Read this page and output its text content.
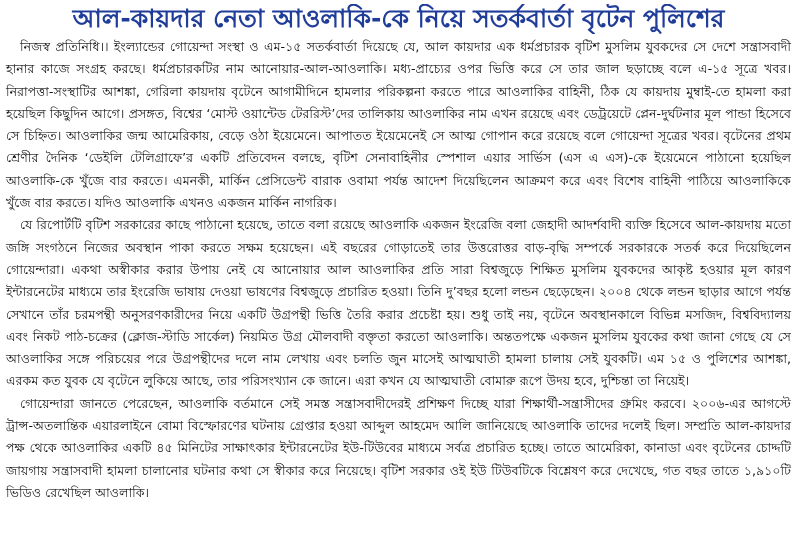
আল-কায়দার নেতা আওলাকি-কে নিয়ে সতর্কবার্তা বৃটেন পুলিশের

নিজস্ব প্রতিনিধি।। ইংল্যান্ডের গোয়েন্দা সংস্থা ও এম-১৫ সতর্কবার্তা দিয়েছে যে, আল কায়দার এক ধর্মপ্রচারক বৃটিশ মুসলিম যুবকদের সে দেশে সন্ত্রাসবাদী হানার কাজে সংগ্রহ করছে। ধর্মপ্রচারকটির নাম আনোয়ার-আল-আওলাকি। মধ্য-প্রাচ্যের ওপর ভিত্তি করে সে তার জাল ছড়াচ্ছে বলে এ-১৫ সূত্রে খবর। নিরাপত্তা-সংস্থাটির আশঙ্কা, গেরিলা কায়দায় বৃটেনে আগামীদিনে হামলার পরিকল্পনা করতে পারে আওলাকির বাহিনী, ঠিক যে কায়দায় মুম্বাই-তে হামলা করা হয়েছিল কিছুদিন আগে। প্রসঙ্গত, বিশ্বের ‘মোস্ট ওয়ান্টেড টেররিস্ট’দের তালিকায় আওলাকির নাম এখন রয়েছে এবং ডেট্রয়েটে প্লেন-দুর্ঘটনার মূল পান্ডা হিসেবে সে চিহ্নিত। আওলাকির জন্ম আমেরিকায়, বেড়ে ওঠা ইয়েমেনে। আপাতত ইয়েমেনেই সে আত্ম গোপান করে রয়েছে বলে গোয়েন্দা সূত্রের খবর। বৃটেনের প্রথম শ্রেণীর দৈনিক ‘ডেইলি টেলিগ্রাফে’র একটি প্রতিবেদন বলছে, বৃটিশ সেনাবাহিনীর স্পেশাল এয়ার সার্ভিস (এস এ এস)-কে ইয়েমেনে পাঠানো হয়েছিল আওলাকি-কে খুঁজে বার করতে। এমনকী, মার্কিন প্রেসিডেন্ট বারাক ওবামা পর্যন্ত আদেশ দিয়েছিলেন আক্রমণ করে এবং বিশেষ বাহিনী পাঠিয়ে আওলাকিকে খুঁজে বার করতে। যদিও আওলাকি এখনও একজন মার্কিন নাগরিক।

যে রিপোর্টটি বৃটিশ সরকারের কাছে পাঠানো হয়েছে, তাতে বলা রয়েছে আওলাকি একজন ইংরেজি বলা জেহাদী আদর্শবাদী ব্যক্তি হিসেবে আল-কায়দায় মতো জঙ্গি সংগঠনে নিজের অবস্থান পাকা করতে সক্ষম হয়েছেন। এই বছরের গোড়াতেই তার উত্তরোত্তর বাড়-বৃদ্ধি সম্পর্কে সরকারকে সতর্ক করে দিয়েছিলেন গোয়েন্দারা। একথা অস্বীকার করার উপায় নেই যে আনোয়ার আল আওলাকির প্রতি সারা বিশ্বজুড়ে শিক্ষিত মুসলিম যুবকদের আকৃষ্ট হওয়ার মূল কারণ ইন্টারনেটের মাধ্যমে তার ইংরেজি ভাষায় দেওয়া ভাষণের বিশ্বজুড়ে প্রচারিত হওয়া। তিনি দু’বছর হলো লন্ডন ছেড়েছেন। ২০০৪ থেকে লন্ডন ছাড়ার আগে পর্যন্ত সেখানে তাঁর চরমপন্থী অনুসরণকারীদের নিয়ে একটি উগ্রপন্থী ভিত্তি তৈরি করার প্রচেষ্টা হয়। শুধু তাই নয়, বৃটেনে অবস্থানকালে বিভিন্ন মসজিদ, বিশ্ববিদ্যালয় এবং নিকট পাঠ-চক্রের (ক্লোজ-স্টাডি সার্কেল) নিয়মিত উগ্র মৌলবাদী বক্তৃতা করতো আওলাকি। অন্ততপক্ষে একজন মুসলিম যুবকের কথা জানা গেছে যে সে আওলাকির সঙ্গে পরিচয়ের পরে উগ্রপন্থীদের দলে নাম লেখায় এবং চলতি জুন মাসেই আত্মঘাতী হামলা চালায় সেই যুবকটি। এম ১৫ ও পুলিশের আশঙ্কা, এরকম কত যুবক যে বৃটেনে লুকিয়ে আছে, তার পরিসংখ্যান কে জানে। এরা কখন যে আত্মঘাতী বোমারু রূপে উদয় হবে, দুশ্চিন্তা তা নিয়েই।

গোয়েন্দারা জানতে পেরেছেন, আওলাকি বর্তমানে সেই সমস্ত সন্ত্রাসবাদীদেরই প্রশিক্ষণ দিচ্ছে যারা শিক্ষার্থী-সন্ত্রাসীদের গ্রুমিং করবে। ২০০৬-এর আগস্টে ট্রান্স-অতলান্তিক এয়ারলাইনে বোমা বিস্ফোরণের ঘটনায় গ্রেপ্তার হওয়া আব্দুল আহমেদ আলি জানিয়েছে আওলাকি তাদের দলেই ছিল। সম্প্রতি আল-কায়দার পক্ষ থেকে আওলাকির একটি ৪৫ মিনিটের সাক্ষাৎকার ইন্টারনেটের ইউ-টিউবের মাধ্যমে সর্বত্র প্রচারিত হচ্ছে। তাতে আমেরিকা, কানাডা এবং বৃটেনের চোদ্দটি জায়গায় সন্ত্রাসবাদী হামলা চালানোর ঘটনার কথা সে স্বীকার করে নিয়েছে। বৃটিশ সরকার ওই ইউ টিউবটিকে বিশ্লেষণ করে দেখেছে, গত বছর তাতে ১,৯১০টি ভিডিও রেখেছিল আওলাকি।
